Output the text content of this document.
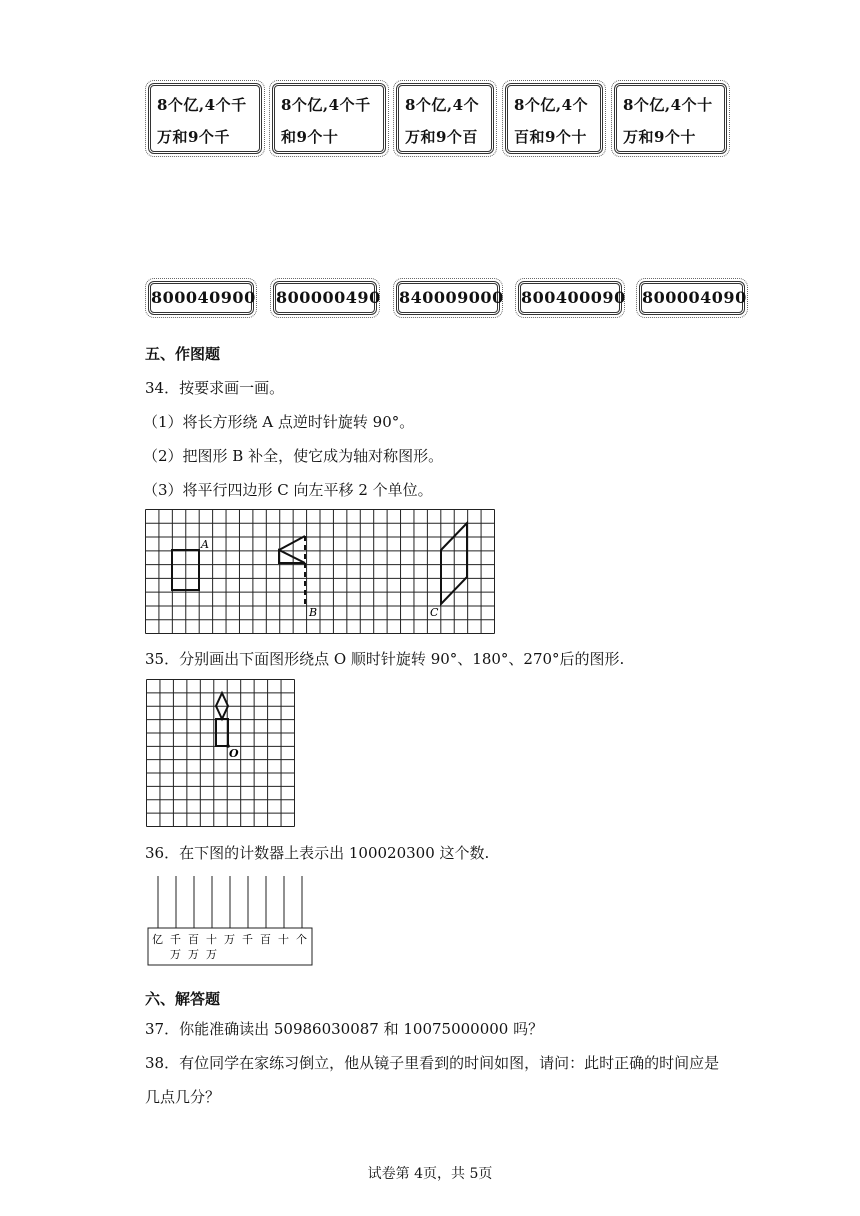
8个亿,4个千
万和9个千
8个亿,4个千
和9个十
8个亿,4个
万和9个百
8个亿,4个
百和9个十
8个亿,4个十
万和9个十
800040900 800000490 840009000 800400090 800004090
五、作图题
34．按要求画一画。
（1）将长方形绕 A 点逆时针旋转 90°。
（2）把图形 B 补全，使它成为轴对称图形。
（3）将平行四边形 C 向左平移 2 个单位。
A
B	C
35．分别画出下面图形绕点 O 顺时针旋转 90°、180°、270°后的图形.
O
36．在下图的计数器上表示出 100020300 这个数.
亿 千
万
百
万
十
万
万 千 百 十 个
六、解答题
37．你能准确读出 50986030087 和 10075000000 吗？
38．有位同学在家练习倒立，他从镜子里看到的时间如图，请问：此时正确的时间应是
几点几分？
试卷第 4页，共 5页
